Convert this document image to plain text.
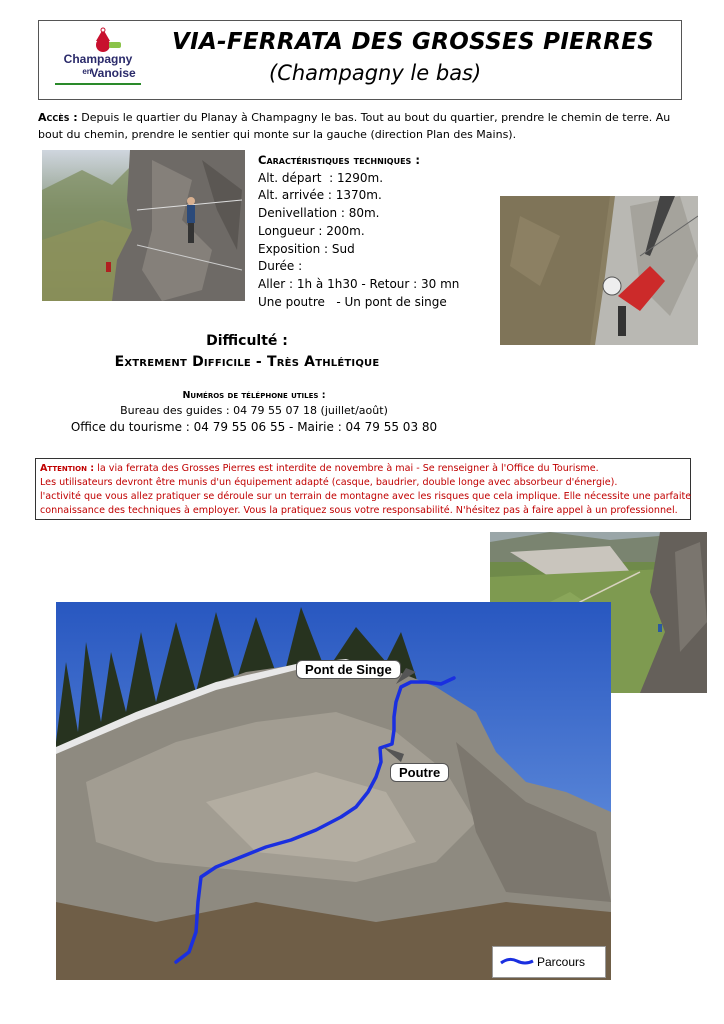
Champagny
en
Vanoise
VIA-FERRATA DES GROSSES PIERRES
(Champagny le bas)
Accès : Depuis le quartier du Planay à Champagny le bas. Tout au bout du quartier, prendre le chemin de terre. Au bout du chemin, prendre le sentier qui monte sur la gauche (direction Plan des Mains).
Caractéristiques techniques :
Alt. départ  : 1290m.
Alt. arrivée : 1370m.
Denivellation : 80m.
Longueur : 200m.
Exposition : Sud
Durée :
Aller : 1h à 1h30 - Retour : 30 mn
Une poutre   - Un pont de singe
Difficulté :
Extrement Difficile - Très Athlétique
Numéros de téléphone utiles :
Bureau des guides : 04 79 55 07 18 (juillet/août)
Office du tourisme : 04 79 55 06 55 - Mairie : 04 79 55 03 80
Attention : la via ferrata des Grosses Pierres est interdite de novembre à mai - Se renseigner à l'Office du Tourisme.
Les utilisateurs devront être munis d'un équipement adapté (casque, baudrier, double longe avec absorbeur d'énergie).
l'activité que vous allez pratiquer se déroule sur un terrain de montagne avec les risques que cela implique. Elle nécessite une parfaite
connaissance des techniques à employer. Vous la pratiquez sous votre responsabilité. N'hésitez pas à faire appel à un professionnel.
Pont de Singe
Poutre
Parcours
